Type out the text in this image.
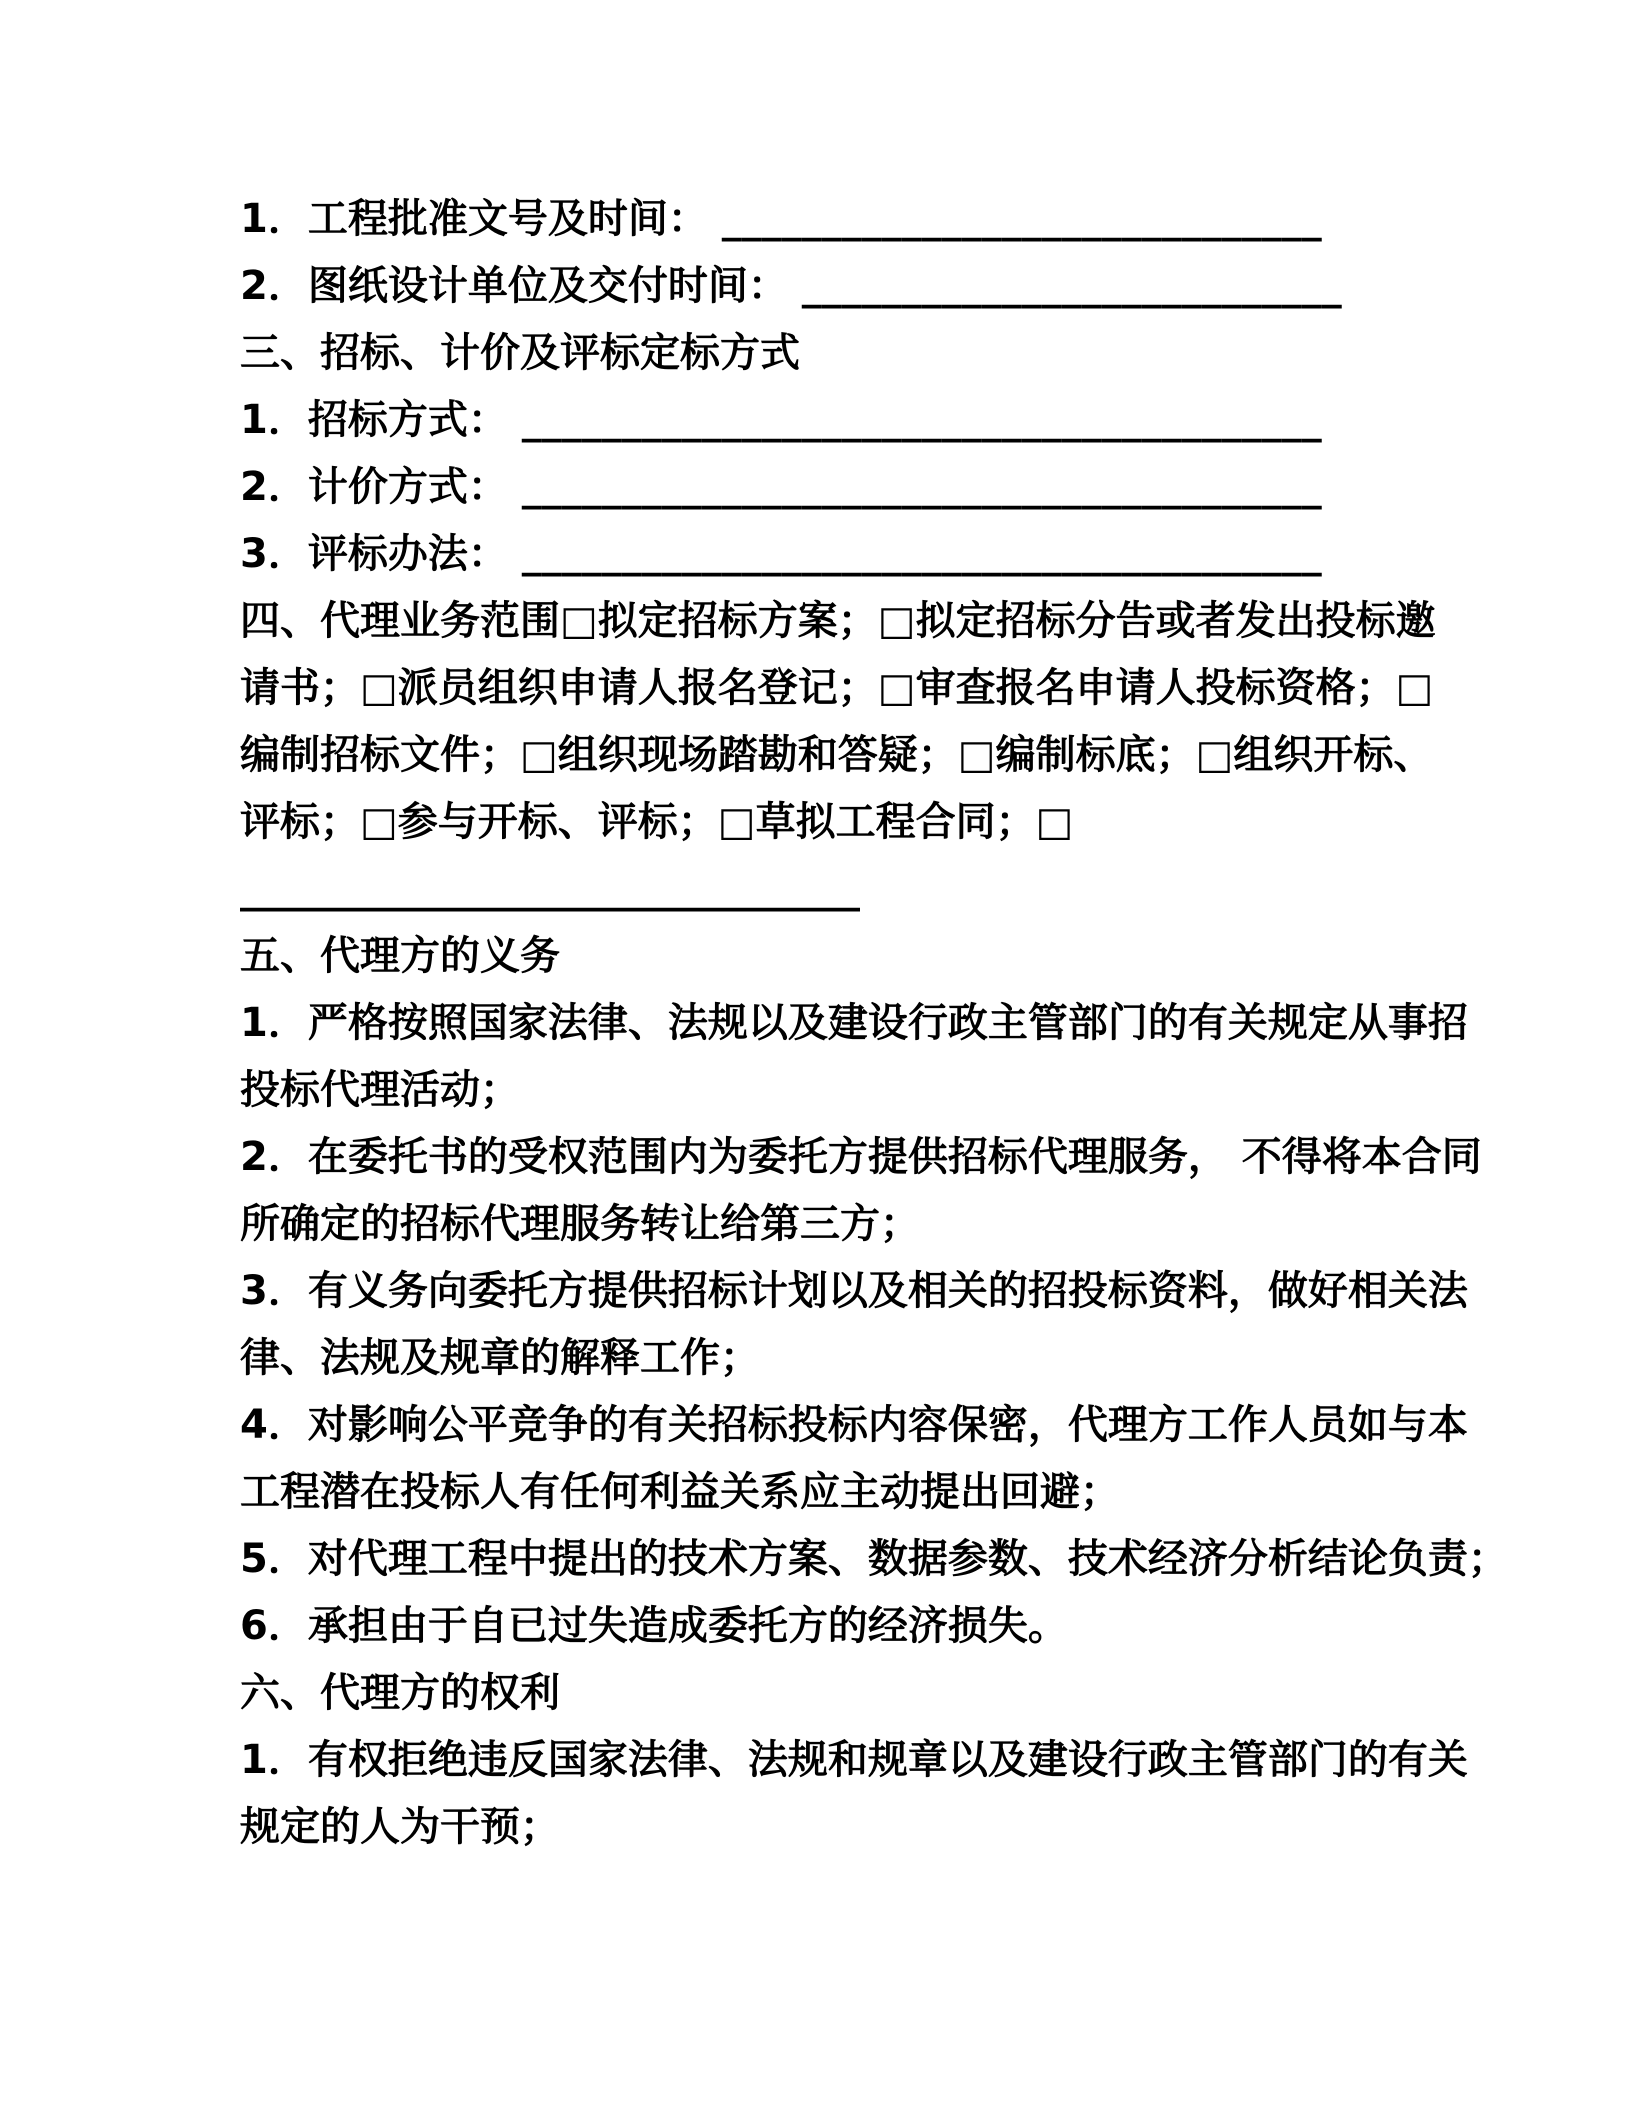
1．工程批准文号及时间： ______________________________
2．图纸设计单位及交付时间： ___________________________
三、招标、计价及评标定标方式
1．招标方式： ________________________________________
2．计价方式： ________________________________________
3．评标办法： ________________________________________
四、代理业务范围□拟定招标方案；□拟定招标分告或者发出投标邀
请书；□派员组织申请人报名登记；□审查报名申请人投标资格；□
编制招标文件；□组织现场踏勘和答疑；□编制标底；□组织开标、
评标；□参与开标、评标；□草拟工程合同；□
_______________________________
五、代理方的义务
1．严格按照国家法律、法规以及建设行政主管部门的有关规定从事招
投标代理活动；
2．在委托书的受权范围内为委托方提供招标代理服务， 不得将本合同
所确定的招标代理服务转让给第三方；
3．有义务向委托方提供招标计划以及相关的招投标资料，做好相关法
律、法规及规章的解释工作；
4．对影响公平竞争的有关招标投标内容保密，代理方工作人员如与本
工程潜在投标人有任何利益关系应主动提出回避；
5．对代理工程中提出的技术方案、数据参数、技术经济分析结论负责；
6．承担由于自已过失造成委托方的经济损失。
六、代理方的权利
1．有权拒绝违反国家法律、法规和规章以及建设行政主管部门的有关
规定的人为干预；
